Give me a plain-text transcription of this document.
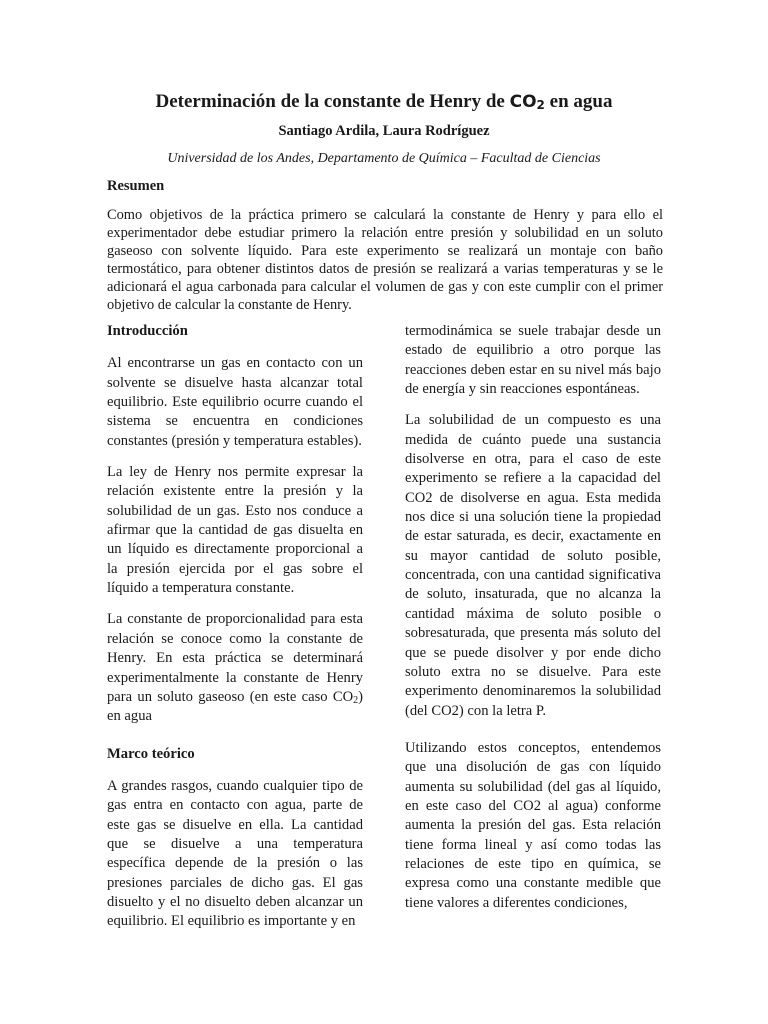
Determinación de la constante de Henry de $CO_2$ en agua
Santiago Ardila, Laura Rodríguez
Universidad de los Andes, Departamento de Química – Facultad de Ciencias
Resumen

Como objetivos de la práctica primero se calculará la constante de Henry y para ello el experimentador debe estudiar primero la relación entre presión y solubilidad en un soluto gaseoso con solvente líquido. Para este experimento se realizará un montaje con baño termostático, para obtener distintos datos de presión se realizará a varias temperaturas y se le adicionará el agua carbonada para calcular el volumen de gas y con este cumplir con el primer objetivo de calcular la constante de Henry.

Introducción

Al encontrarse un gas en contacto con un solvente se disuelve hasta alcanzar total equilibrio. Este equilibrio ocurre cuando el sistema se encuentra en condiciones constantes (presión y temperatura estables).

La ley de Henry nos permite expresar la relación existente entre la presión y la solubilidad de un gas. Esto nos conduce a afirmar que la cantidad de gas disuelta en un líquido es directamente proporcional a la presión ejercida por el gas sobre el líquido a temperatura constante.

La constante de proporcionalidad para esta relación se conoce como la constante de Henry. En esta práctica se determinará experimentalmente la constante de Henry para un soluto gaseoso (en este caso $CO_2$) en agua

Marco teórico

A grandes rasgos, cuando cualquier tipo de gas entra en contacto con agua, parte de este gas se disuelve en ella. La cantidad que se disuelve a una temperatura específica depende de la presión o las presiones parciales de dicho gas. El gas disuelto y el no disuelto deben alcanzar un equilibrio. El equilibrio es importante y en

termodinámica se suele trabajar desde un estado de equilibrio a otro porque las reacciones deben estar en su nivel más bajo de energía y sin reacciones espontáneas.

La solubilidad de un compuesto es una medida de cuánto puede una sustancia disolverse en otra, para el caso de este experimento se refiere a la capacidad del CO2 de disolverse en agua. Esta medida nos dice si una solución tiene la propiedad de estar saturada, es decir, exactamente en su mayor cantidad de soluto posible, concentrada, con una cantidad significativa de soluto, insaturada, que no alcanza la cantidad máxima de soluto posible o sobresaturada, que presenta más soluto del que se puede disolver y por ende dicho soluto extra no se disuelve. Para este experimento denominaremos la solubilidad (del CO2) con la letra P.

Utilizando estos conceptos, entendemos que una disolución de gas con líquido aumenta su solubilidad (del gas al líquido, en este caso del CO2 al agua) conforme aumenta la presión del gas. Esta relación tiene forma lineal y así como todas las relaciones de este tipo en química, se expresa como una constante medible que tiene valores a diferentes condiciones,
